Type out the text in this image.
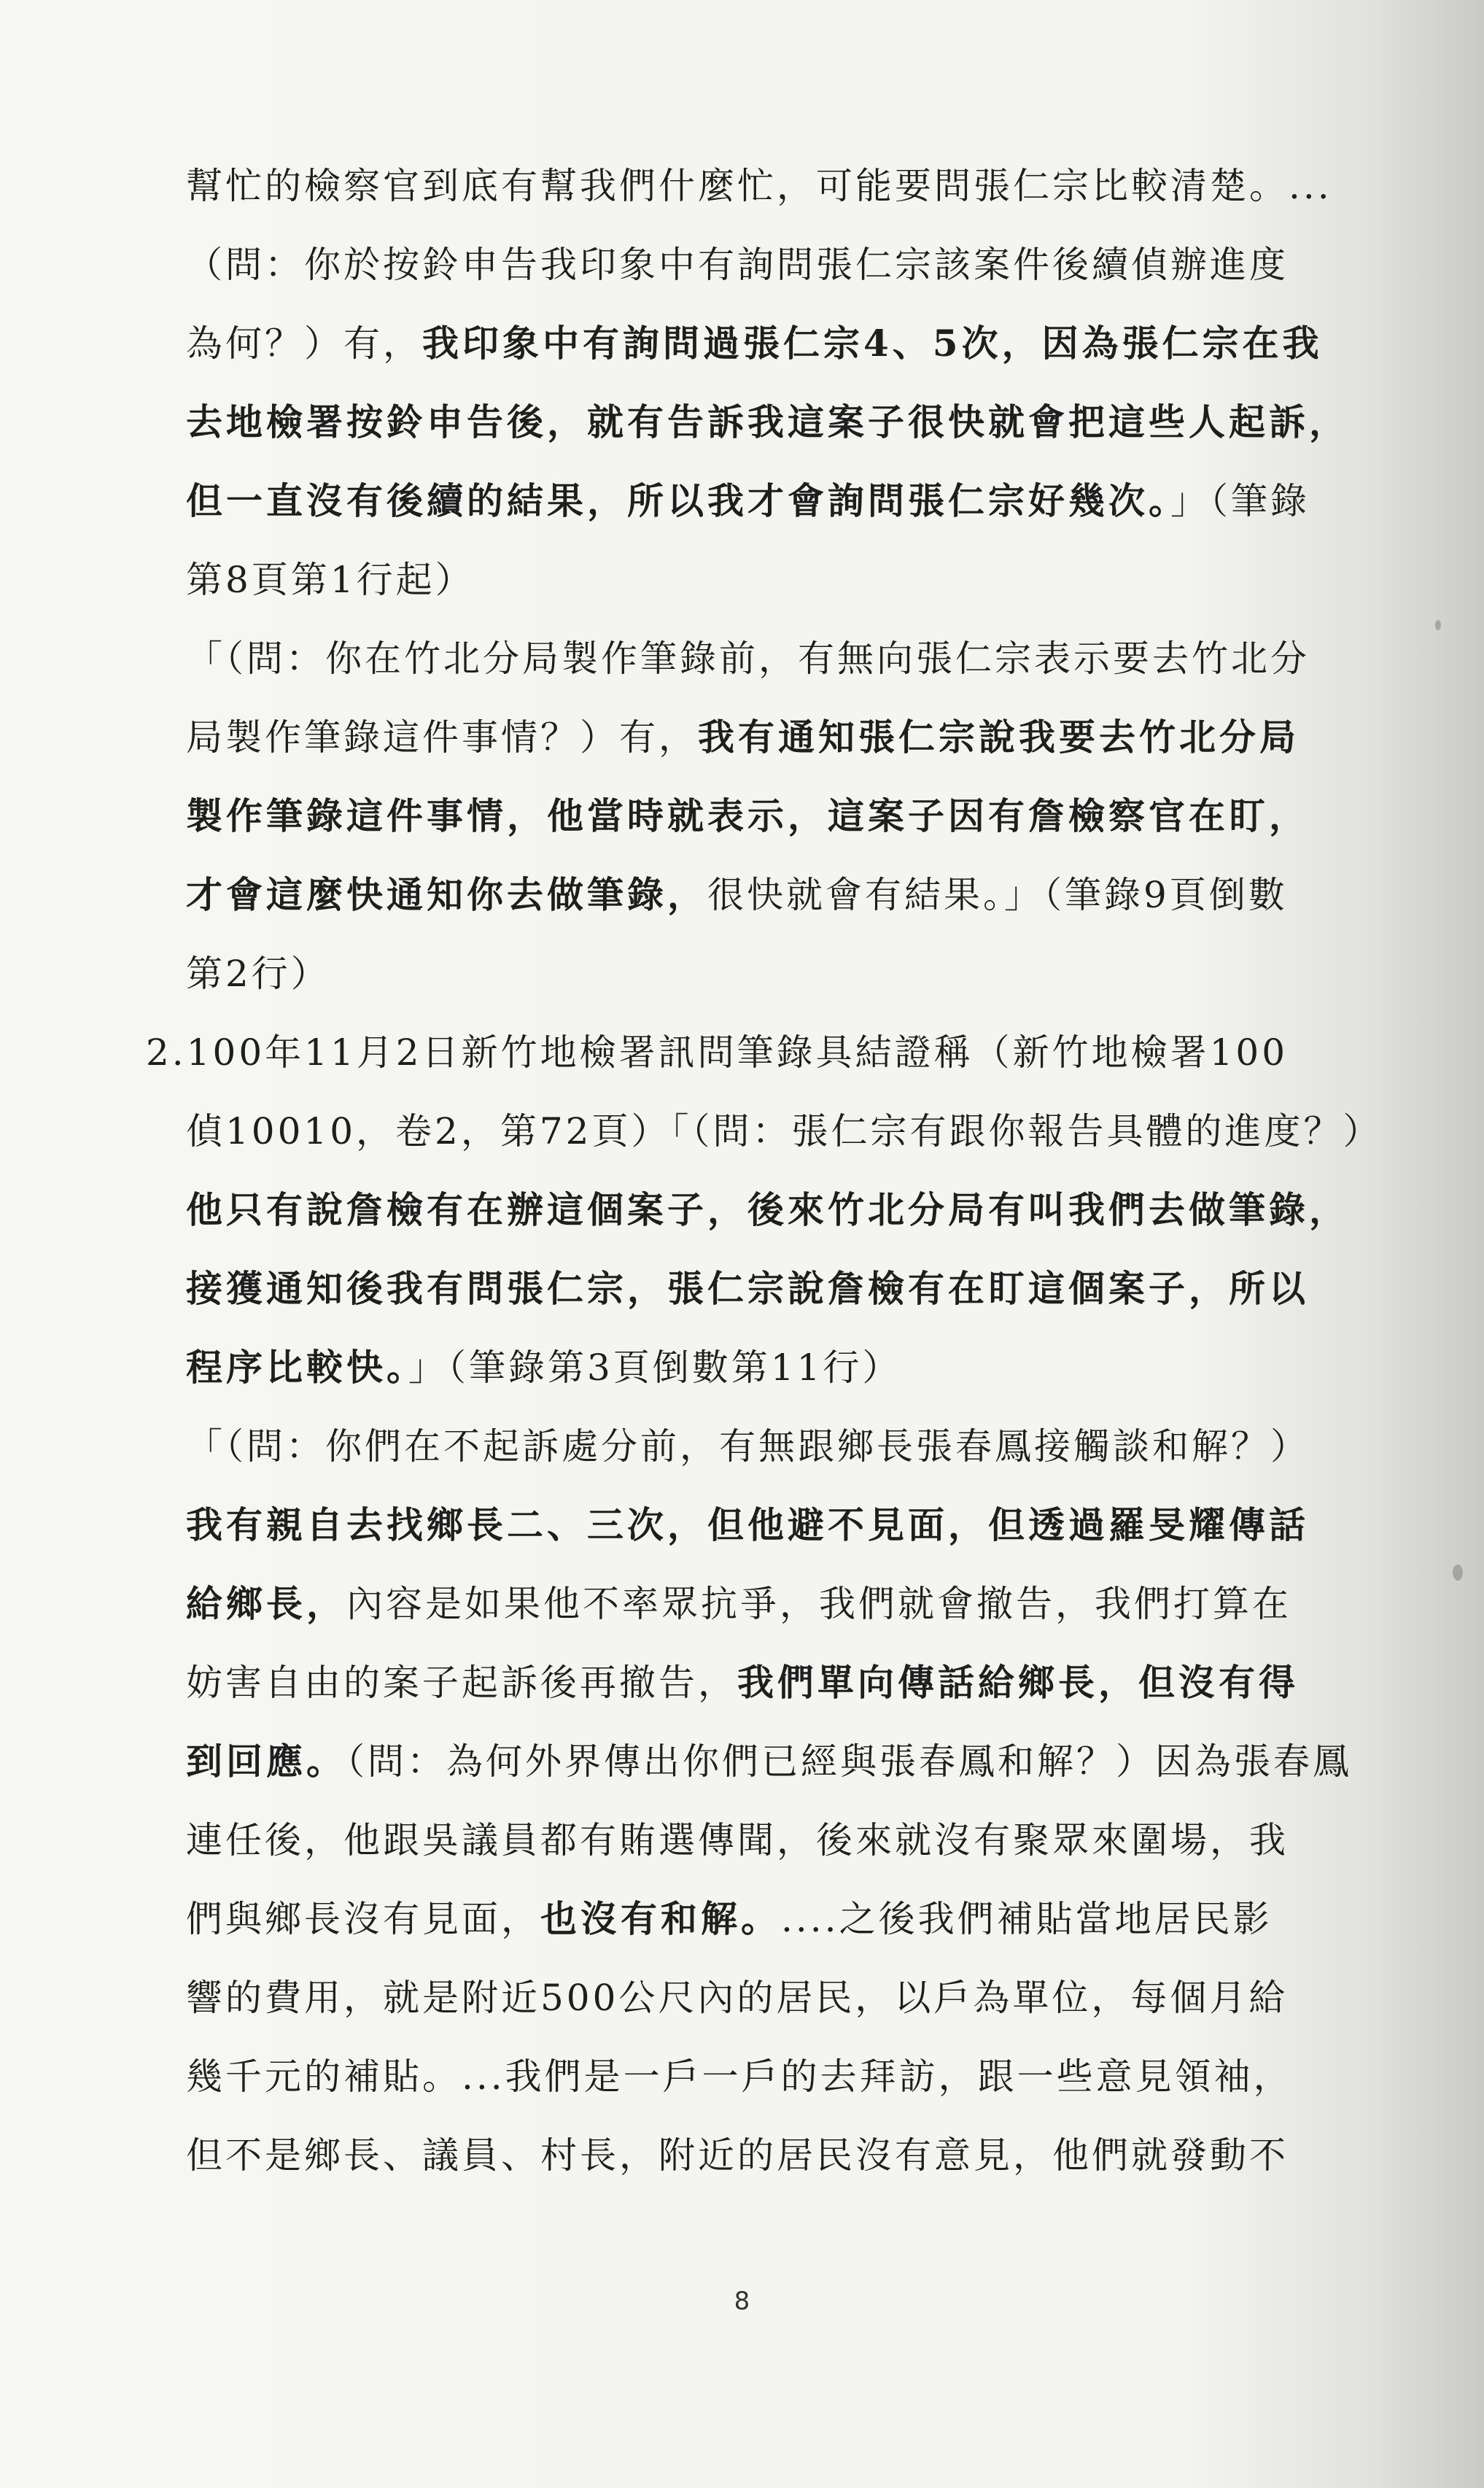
幫忙的檢察官到底有幫我們什麼忙，可能要問張仁宗比較清楚。...
（問：你於按鈴申告我印象中有詢問張仁宗該案件後續偵辦進度
為何？）有，我印象中有詢問過張仁宗4、5次，因為張仁宗在我
去地檢署按鈴申告後，就有告訴我這案子很快就會把這些人起訴，
但一直沒有後續的結果，所以我才會詢問張仁宗好幾次。」（筆錄
第8頁第1行起）
「（問：你在竹北分局製作筆錄前，有無向張仁宗表示要去竹北分
局製作筆錄這件事情？）有，我有通知張仁宗說我要去竹北分局
製作筆錄這件事情，他當時就表示，這案子因有詹檢察官在盯，
才會這麼快通知你去做筆錄，很快就會有結果。」（筆錄9頁倒數
第2行）
2.100年11月2日新竹地檢署訊問筆錄具結證稱（新竹地檢署100
偵10010，卷2，第72頁）「（問：張仁宗有跟你報告具體的進度？）
他只有說詹檢有在辦這個案子，後來竹北分局有叫我們去做筆錄，
接獲通知後我有問張仁宗，張仁宗說詹檢有在盯這個案子，所以
程序比較快。」（筆錄第3頁倒數第11行）
「（問：你們在不起訴處分前，有無跟鄉長張春鳳接觸談和解？）
我有親自去找鄉長二、三次，但他避不見面，但透過羅旻耀傳話
給鄉長，內容是如果他不率眾抗爭，我們就會撤告，我們打算在
妨害自由的案子起訴後再撤告，我們單向傳話給鄉長，但沒有得
到回應。（問：為何外界傳出你們已經與張春鳳和解？）因為張春鳳
連任後，他跟吳議員都有賄選傳聞，後來就沒有聚眾來圍場，我
們與鄉長沒有見面，也沒有和解。....之後我們補貼當地居民影
響的費用，就是附近500公尺內的居民，以戶為單位，每個月給
幾千元的補貼。...我們是一戶一戶的去拜訪，跟一些意見領袖，
但不是鄉長、議員、村長，附近的居民沒有意見，他們就發動不
8
